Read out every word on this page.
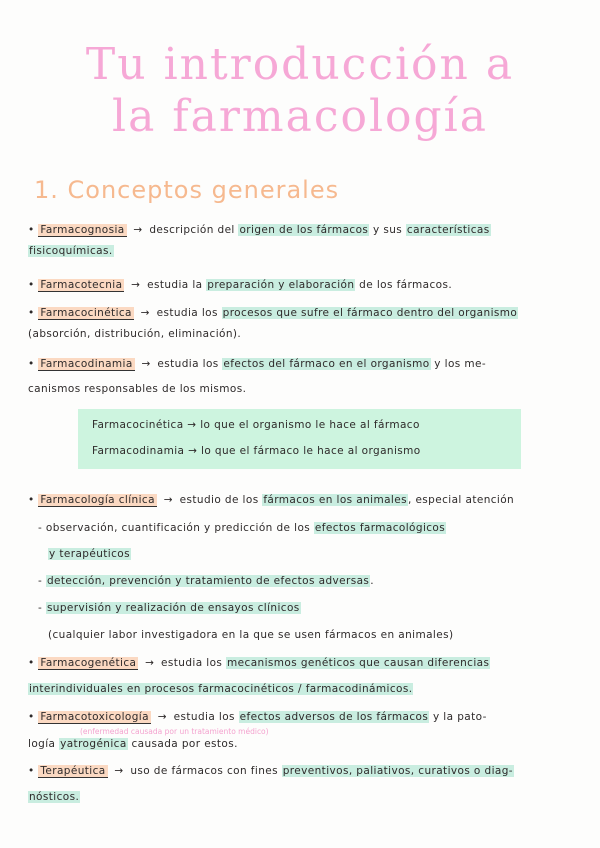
Tu introducción a
la farmacología
1. Conceptos generales
• Farmacognosia → descripción del origen de los fármacos y sus características
fisicoquímicas.
• Farmacotecnia → estudia la preparación y elaboración de los fármacos.
• Farmacocinética → estudia los procesos que sufre el fármaco dentro del organismo
(absorción, distribución, eliminación).
• Farmacodinamia → estudia los efectos del fármaco en el organismo y los me-
canismos responsables de los mismos.
Farmacocinética → lo que el organismo le hace al fármaco
Farmacodinamia → lo que el fármaco le hace al organismo
• Farmacología clínica → estudio de los fármacos en los animales, especial atención
- observación, cuantificación y predicción de los efectos farmacológicos
y terapéuticos
- detección, prevención y tratamiento de efectos adversas.
- supervisión y realización de ensayos clínicos
(cualquier labor investigadora en la que se usen fármacos en animales)
• Farmacogenética → estudia los mecanismos genéticos que causan diferencias
interindividuales en procesos farmacocinéticos / farmacodinámicos.
• Farmacotoxicología → estudia los efectos adversos de los fármacos y la pato-
(enfermedad causada por un tratamiento médico)
logía yatrogénica causada por estos.
• Terapéutica → uso de fármacos con fines preventivos, paliativos, curativos o diag-
nósticos.
